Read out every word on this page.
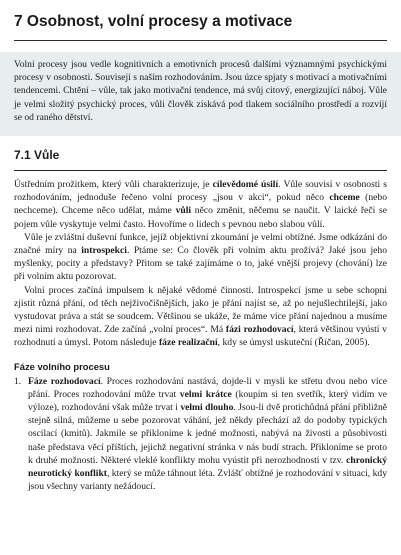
7 Osobnost, volní procesy a motivace

Volní procesy jsou vedle kognitivních a emotivních procesů dalšími významnými psychickými procesy v osobnosti. Souvisejí s naším rozhodováním. Jsou úzce spjaty s motivací a motivačními tendencemi. Chtění – vůle, tak jako motivační tendence, má svůj citový, energizující náboj. Vůle je velmi složitý psychický proces, vůli člověk získává pod tlakem sociálního prostředí a rozvíjí se od raného dětství.

7.1 Vůle

Ústředním prožitkem, který vůli charakterizuje, je cílevědomé úsilí. Vůle souvisí v osobnosti s rozhodováním, jednoduše řečeno volní procesy „jsou v akci“, pokud něco chceme (nebo nechceme). Chceme něco udělat, máme vůli něco změnit, něčemu se naučit. V laické řeči se pojem vůle vyskytuje velmi často. Hovoříme o lidech s pevnou nebo slabou vůlí.

Vůle je zvláštní duševní funkce, jejíž objektivní zkoumání je velmi obtížné. Jsme odkázáni do značné míry na introspekci. Ptáme se: Co člověk při volním aktu prožívá? Jaké jsou jeho myšlenky, pocity a představy? Přitom se také zajímáme o to, jaké vnější projevy (chování) lze při volním aktu pozorovat.

Volní proces začíná impulsem k nějaké vědomé činnosti. Introspekcí jsme u sebe schopni zjistit různá přání, od těch nejživočišnějších, jako je přání najíst se, až po nejušlechtilejší, jako vystudovat práva a stát se soudcem. Většinou se ukáže, že máme více přání najednou a musíme mezi nimi rozhodovat. Zde začíná „volní proces“. Má fázi rozhodovací, která většinou vyústí v rozhodnutí a úmysl. Potom následuje fáze realizační, kdy se úmysl uskuteční (Říčan, 2005).

Fáze volního procesu

1. Fáze rozhodovací. Proces rozhodování nastává, dojde-li v mysli ke střetu dvou nebo více přání. Proces rozhodování může trvat velmi krátce (koupím si ten svetřík, který vidím ve výloze), rozhodování však může trvat i velmi dlouho. Jsou-li dvě protichůdná přání přibližně stejně silná, můžeme u sebe pozorovat váhání, jež někdy přechází až do podoby typických oscilací (kmitů). Jakmile se přikloníme k jedné možnosti, nabývá na živosti a působivosti naše představa věcí příštích, jejichž negativní stránka v nás budí strach. Přikloníme se proto k druhé možnosti. Některé vleklé konflikty mohu vyústit při nerozhodnosti v tzv. chronický neurotický konflikt, který se může táhnout léta. Zvlášť obtížné je rozhodování v situaci, kdy jsou všechny varianty nežádoucí.
